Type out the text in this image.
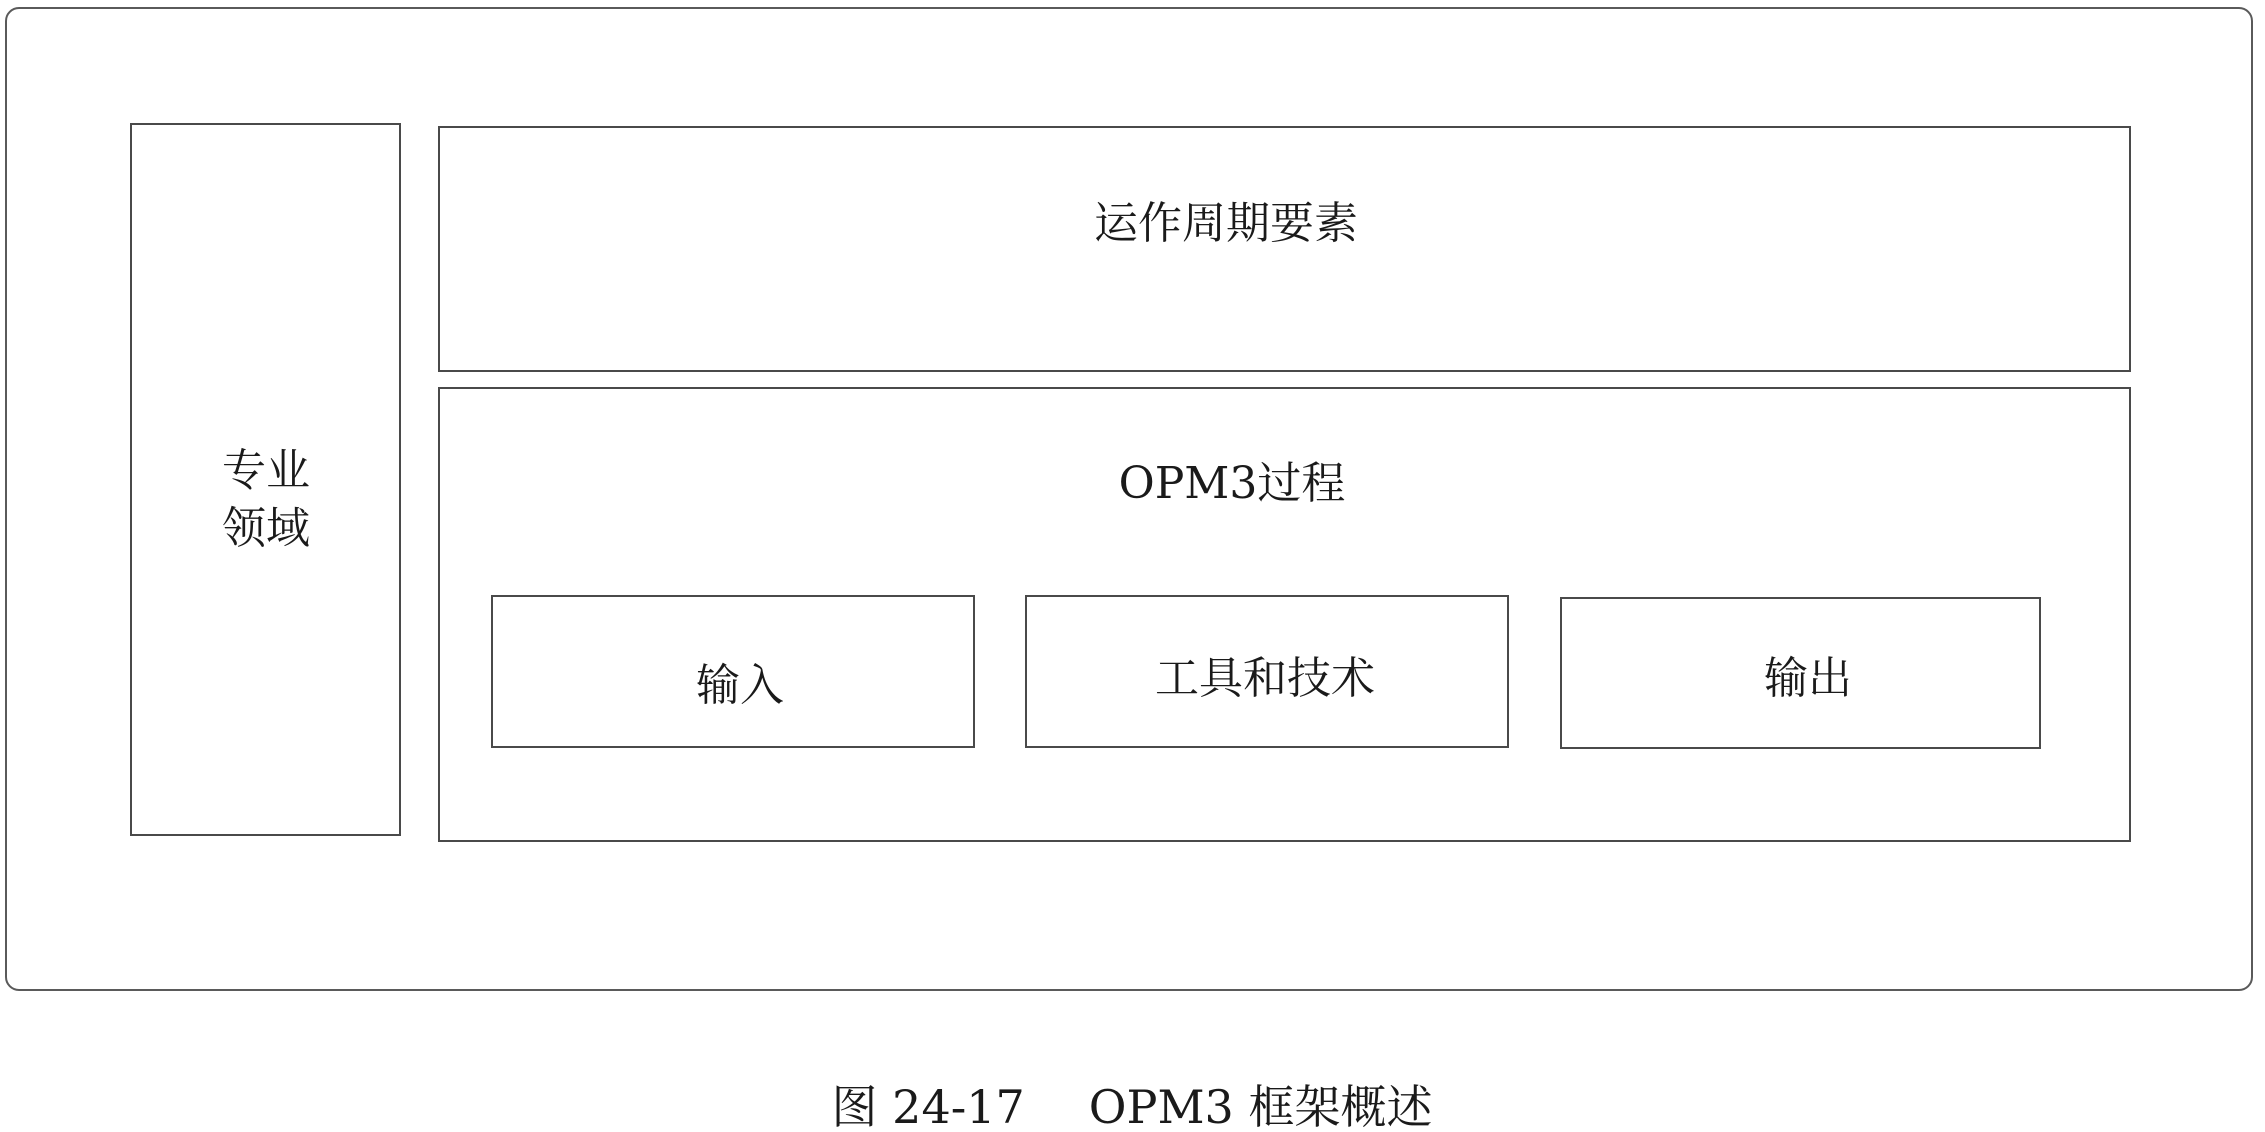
专业
领域
运作周期要素
OPM3过程
输入	工具和技术	输出
图 24-17 OPM3 框架概述
